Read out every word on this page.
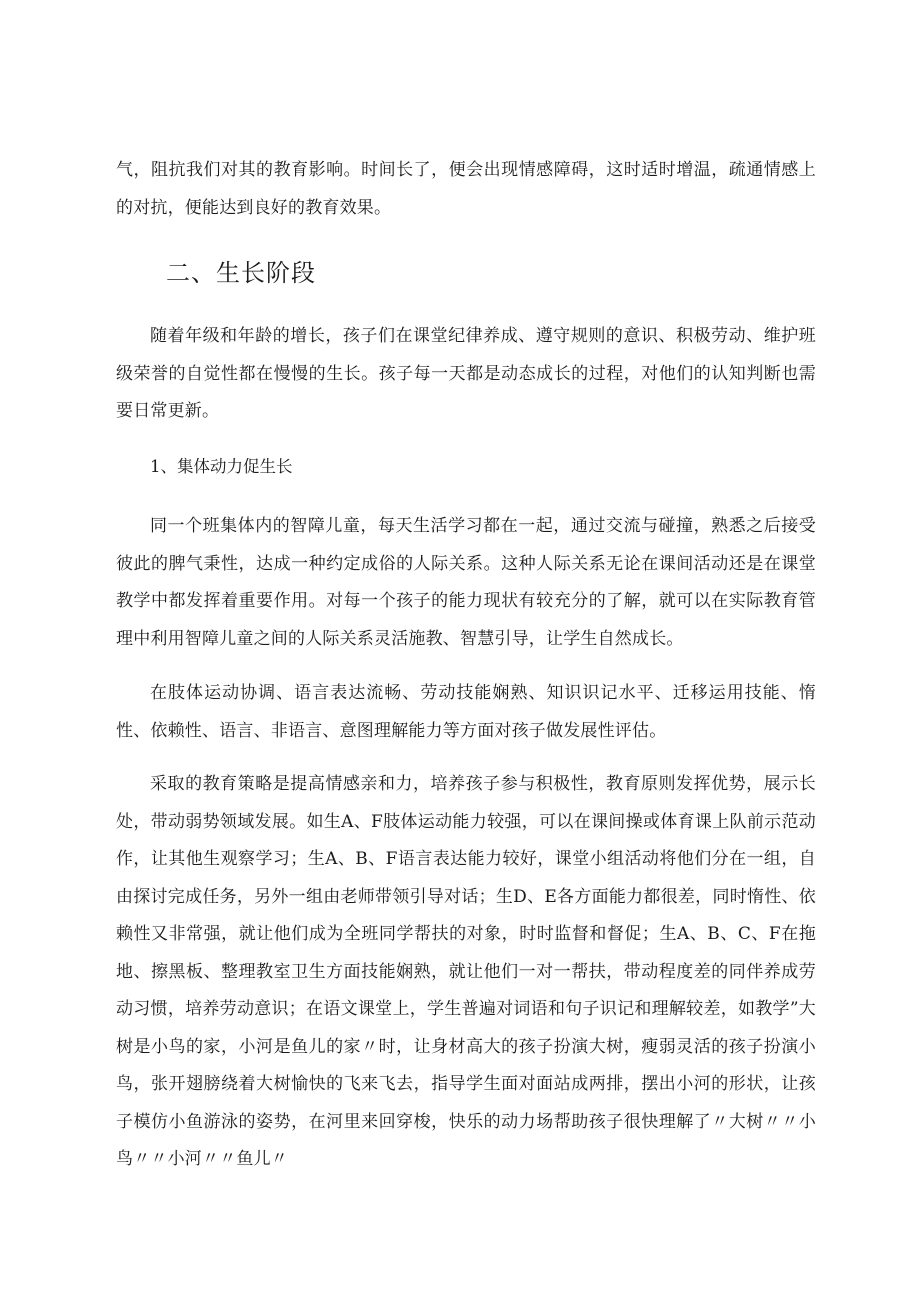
气，阻抗我们对其的教育影响。时间长了，便会出现情感障碍，这时适时增温，疏通情感上的对抗，便能达到良好的教育效果。

二、生长阶段

随着年级和年龄的增长，孩子们在课堂纪律养成、遵守规则的意识、积极劳动、维护班级荣誉的自觉性都在慢慢的生长。孩子每一天都是动态成长的过程，对他们的认知判断也需要日常更新。

1、集体动力促生长

同一个班集体内的智障儿童，每天生活学习都在一起，通过交流与碰撞，熟悉之后接受彼此的脾气秉性，达成一种约定成俗的人际关系。这种人际关系无论在课间活动还是在课堂教学中都发挥着重要作用。对每一个孩子的能力现状有较充分的了解，就可以在实际教育管理中利用智障儿童之间的人际关系灵活施教、智慧引导，让学生自然成长。

在肢体运动协调、语言表达流畅、劳动技能娴熟、知识识记水平、迁移运用技能、惰性、依赖性、语言、非语言、意图理解能力等方面对孩子做发展性评估。

采取的教育策略是提高情感亲和力，培养孩子参与积极性，教育原则发挥优势，展示长处，带动弱势领域发展。如生A、F肢体运动能力较强，可以在课间操或体育课上队前示范动作，让其他生观察学习；生A、B、F语言表达能力较好，课堂小组活动将他们分在一组，自由探讨完成任务，另外一组由老师带领引导对话；生D、E各方面能力都很差，同时惰性、依赖性又非常强，就让他们成为全班同学帮扶的对象，时时监督和督促；生A、B、C、F在拖地、擦黑板、整理教室卫生方面技能娴熟，就让他们一对一帮扶，带动程度差的同伴养成劳动习惯，培养劳动意识；在语文课堂上，学生普遍对词语和句子识记和理解较差，如教学”大树是小鸟的家，小河是鱼儿的家〃时，让身材高大的孩子扮演大树，瘦弱灵活的孩子扮演小鸟，张开翅膀绕着大树愉快的飞来飞去，指导学生面对面站成两排，摆出小河的形状，让孩子模仿小鱼游泳的姿势，在河里来回穿梭，快乐的动力场帮助孩子很快理解了〃大树〃〃小鸟〃〃小河〃〃鱼儿〃
